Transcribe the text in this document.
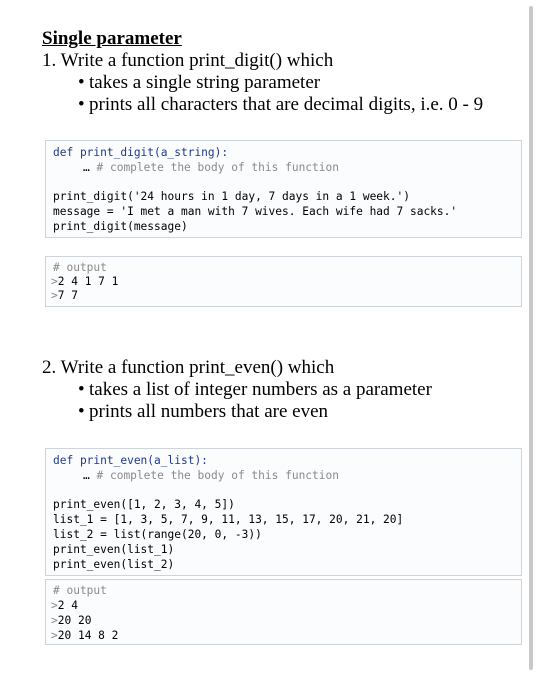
Single parameter
1. Write a function print_digit() which
• takes a single string parameter
• prints all characters that are decimal digits, i.e. 0 - 9
def print_digit(a_string):
… # complete the body of this function
print_digit('24 hours in 1 day, 7 days in a 1 week.')
message = 'I met a man with 7 wives. Each wife had 7 sacks.'
print_digit(message)
# output
>2 4 1 7 1
>7 7
2. Write a function print_even() which
• takes a list of integer numbers as a parameter
• prints all numbers that are even
def print_even(a_list):
… # complete the body of this function
print_even([1, 2, 3, 4, 5])
list_1 = [1, 3, 5, 7, 9, 11, 13, 15, 17, 20, 21, 20]
list_2 = list(range(20, 0, -3))
print_even(list_1)
print_even(list_2)
# output
>2 4
>20 20
>20 14 8 2
